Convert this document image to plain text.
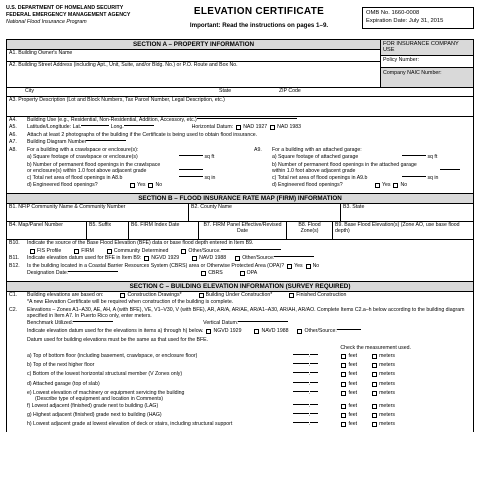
U.S. DEPARTMENT OF HOMELAND SECURITY
FEDERAL EMERGENCY MANAGEMENT AGENCY
National Flood Insurance Program
ELEVATION CERTIFICATE
Important: Read the instructions on pages 1–9.
OMB No. 1660-0008
Expiration Date: July 31, 2015
SECTION A – PROPERTY INFORMATION
A1. Building Owner's Name
A2. Building Street Address (including Apt., Unit, Suite, and/or Bldg. No.) or P.O. Route and Box No.
FOR INSURANCE COMPANY USE
Policy Number:
Company NAIC Number:
City	State	ZIP Code
A3. Property Description (Lot and Block Numbers, Tax Parcel Number, Legal Description, etc.)
A4.	Building Use (e.g., Residential, Non-Residential, Addition, Accessory, etc.)
A5.	Latitude/Longitude: Lat.
	Long.	Horizontal Datum: NAD 1927 NAD 1983
A6.	Attach at least 2 photographs of the building if the Certificate is being used to obtain flood insurance.
A7.	Building Diagram Number
A8.	For a building with a crawlspace or enclosure(s):
a) Square footage of crawlspace or enclosure(s)
	sq ft
b) Number of permanent flood openings in the crawlspace
or enclosure(s) within 1.0 foot above adjacent grade
c) Total net area of flood openings in A8.b
	sq in
d) Engineered flood openings?	Yes No
A9.	For a building with an attached garage:
a) Square footage of attached garage
	sq ft
b) Number of permanent flood openings in the attached garage
within 1.0 foot above adjacent grade
c) Total net area of flood openings in A9.b
	sq in
d) Engineered flood openings?	Yes No
SECTION B – FLOOD INSURANCE RATE MAP (FIRM) INFORMATION
B1. NFIP Community Name & Community Number	B2. County Name	B3. State
B4. Map/Panel Number	B5. Suffix	B6. FIRM Index Date	B7. FIRM Panel Effective/Revised Date
B8. Flood Zone(s)
B9. Base Flood Elevation(s) (Zone AO, use base flood depth)
B10.	Indicate the source of the Base Flood Elevation (BFE) data or base flood depth entered in Item B9.
FIS Profile	FIRM	Community Determined	Other/Source:
B11.	Indicate elevation datum used for BFE in Item B9: NGVD 1929	NAVD 1988	Other/Source:
B12.	Is the building located in a Coastal Barrier Resources System (CBRS) area or Otherwise Protected Area (OPA)? Yes No
Designation Date:	CBRS	OPA
SECTION C – BUILDING ELEVATION INFORMATION (SURVEY REQUIRED)
C1.	Building elevations are based on:	Construction Drawings*	Building Under Construction*	Finished Construction
*A new Elevation Certificate will be required when construction of the building is complete.
C2.	Elevations – Zones A1–A30, AE, AH, A (with BFE), VE, V1–V30, V (with BFE), AR, AR/A, AR/AE, AR/A1–A30, AR/AH, AR/AO. Complete Items C2.a–h below according to the building diagram specified in Item A7. In Puerto Rico only, enter meters.
Benchmark Utilized:	Vertical Datum:
Indicate elevation datum used for the elevations in items a) through h) below. NGVD 1929	NAVD 1988	Other/Source:
Datum used for building elevations must be the same as that used for the BFE.
Check the measurement used.
a) Top of bottom floor (including basement, crawlspace, or enclosure floor)	.	feet	meters
b) Top of the next higher floor	.	feet	meters
c) Bottom of the lowest horizontal structural member (V Zones only)	.	feet	meters
d) Attached garage (top of slab)	.	feet	meters
e) Lowest elevation of machinery or equipment servicing the building
(Describe type of equipment and location in Comments)
.	feet	meters
f) Lowest adjacent (finished) grade next to building (LAG)	.	feet	meters
g) Highest adjacent (finished) grade next to building (HAG)	.	feet	meters
h) Lowest adjacent grade at lowest elevation of deck or stairs, including structural support	.	feet	meters
